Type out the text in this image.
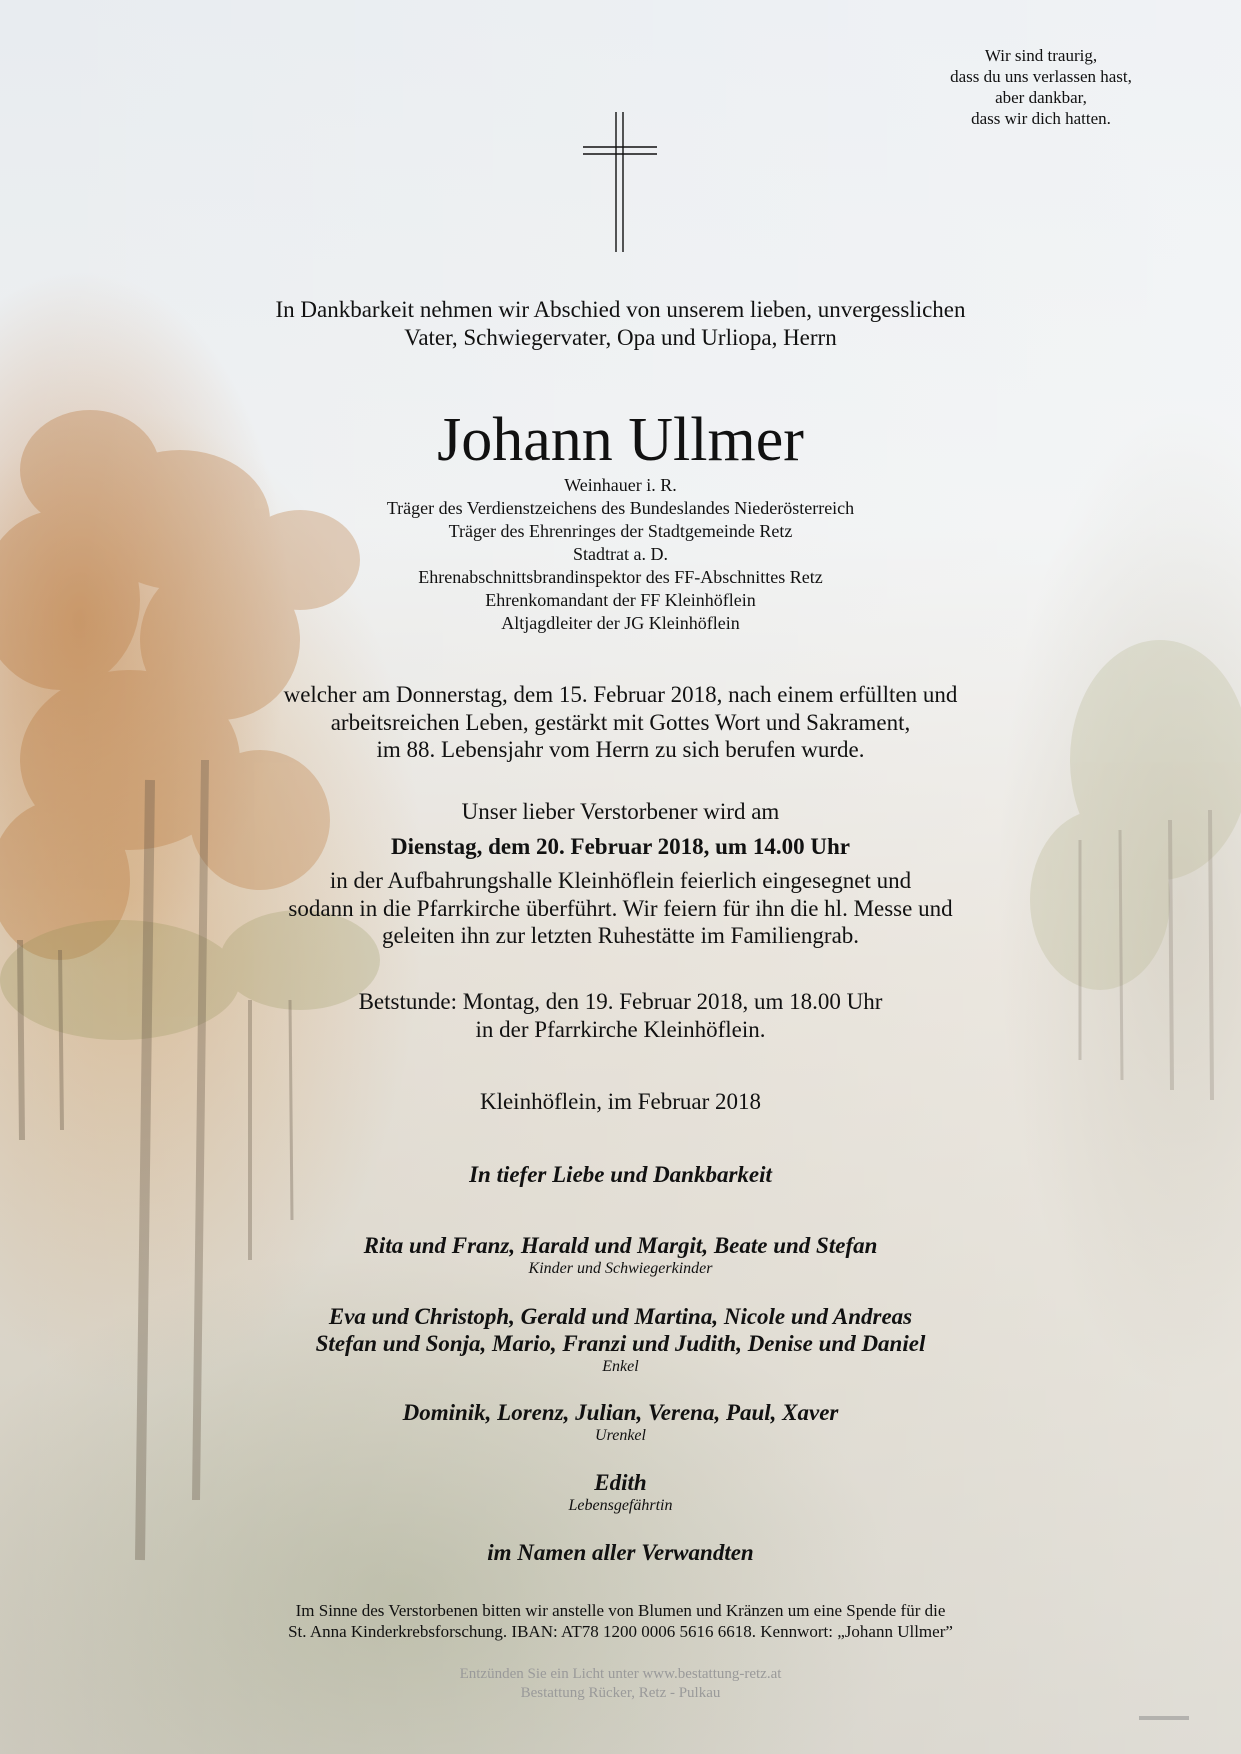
Wir sind traurig,
dass du uns verlassen hast,
aber dankbar,
dass wir dich hatten.
In Dankbarkeit nehmen wir Abschied von unserem lieben, unvergesslichen
Vater, Schwiegervater, Opa und Urliopa, Herrn
Johann Ullmer
Weinhauer i. R.
Träger des Verdienstzeichens des Bundeslandes Niederösterreich
Träger des Ehrenringes der Stadtgemeinde Retz
Stadtrat a. D.
Ehrenabschnittsbrandinspektor des FF-Abschnittes Retz
Ehrenkomandant der FF Kleinhöflein
Altjagdleiter der JG Kleinhöflein
welcher am Donnerstag, dem 15. Februar 2018, nach einem erfüllten und
arbeitsreichen Leben, gestärkt mit Gottes Wort und Sakrament,
im 88. Lebensjahr vom Herrn zu sich berufen wurde.
Unser lieber Verstorbener wird am
Dienstag, dem 20. Februar 2018, um 14.00 Uhr
in der Aufbahrungshalle Kleinhöflein feierlich eingesegnet und
sodann in die Pfarrkirche überführt. Wir feiern für ihn die hl. Messe und
geleiten ihn zur letzten Ruhestätte im Familiengrab.
Betstunde: Montag, den 19. Februar 2018, um 18.00 Uhr
in der Pfarrkirche Kleinhöflein.
Kleinhöflein, im Februar 2018
In tiefer Liebe und Dankbarkeit
Rita und Franz, Harald und Margit, Beate und Stefan
Kinder und Schwiegerkinder
Eva und Christoph, Gerald und Martina, Nicole und Andreas
Stefan und Sonja, Mario, Franzi und Judith, Denise und Daniel
Enkel
Dominik, Lorenz, Julian, Verena, Paul, Xaver
Urenkel
Edith
Lebensgefährtin
im Namen aller Verwandten
Im Sinne des Verstorbenen bitten wir anstelle von Blumen und Kränzen um eine Spende für die
St. Anna Kinderkrebsforschung. IBAN: AT78 1200 0006 5616 6618. Kennwort: „Johann Ullmer”
Entzünden Sie ein Licht unter www.bestattung-retz.at
Bestattung Rücker, Retz - Pulkau
